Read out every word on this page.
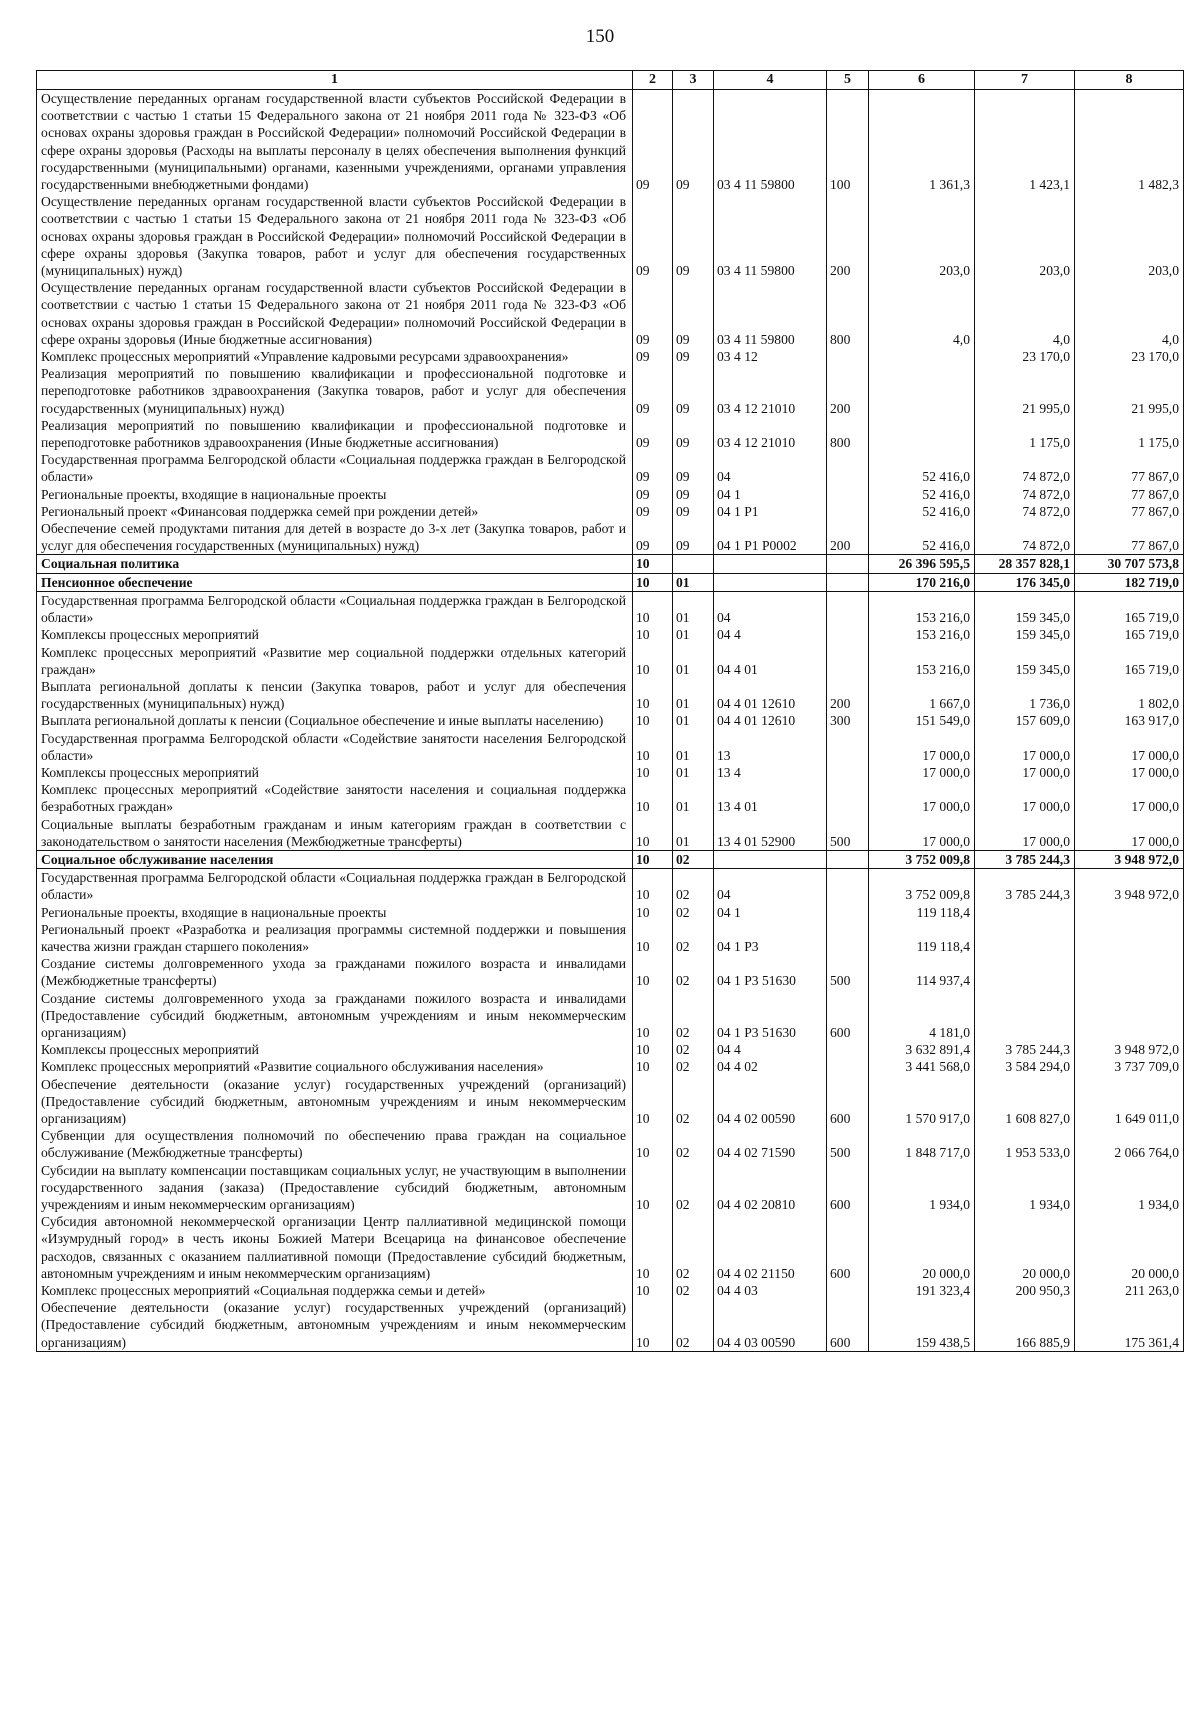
150
1	2	3	4	5	6	7	8
Осуществление переданных органам государственной власти субъектов Российской Федерации в соответствии с частью 1 статьи 15 Федерального закона от 21 ноября 2011 года № 323-ФЗ «Об основах охраны здоровья граждан в Российской Федерации» полномочий Российской Федерации в сфере охраны здоровья (Расходы на выплаты персоналу в целях обеспечения выполнения функций государственными (муниципальными) органами, казенными учреждениями, органами управления государственными внебюджетными фондами)	09	09	03 4 11 59800	100	1 361,3	1 423,1	1 482,3
Осуществление переданных органам государственной власти субъектов Российской Федерации в соответствии с частью 1 статьи 15 Федерального закона от 21 ноября 2011 года № 323-ФЗ «Об основах охраны здоровья граждан в Российской Федерации» полномочий Российской Федерации в сфере охраны здоровья (Закупка товаров, работ и услуг для обеспечения государственных (муниципальных) нужд)	09	09	03 4 11 59800	200	203,0	203,0	203,0
Осуществление переданных органам государственной власти субъектов Российской Федерации в соответствии с частью 1 статьи 15 Федерального закона от 21 ноября 2011 года № 323-ФЗ «Об основах охраны здоровья граждан в Российской Федерации» полномочий Российской Федерации в сфере охраны здоровья (Иные бюджетные ассигнования)	09	09	03 4 11 59800	800	4,0	4,0	4,0
Комплекс процессных мероприятий «Управление кадровыми ресурсами здравоохранения»	09	09	03 4 12			23 170,0	23 170,0
Реализация мероприятий по повышению квалификации и профессиональной подготовке и переподготовке работников здравоохранения (Закупка товаров, работ и услуг для обеспечения государственных (муниципальных) нужд)	09	09	03 4 12 21010	200		21 995,0	21 995,0
Реализация мероприятий по повышению квалификации и профессиональной подготовке и переподготовке работников здравоохранения (Иные бюджетные ассигнования)	09	09	03 4 12 21010	800		1 175,0	1 175,0
Государственная программа Белгородской области «Социальная поддержка граждан в Белгородской области»	09	09	04		52 416,0	74 872,0	77 867,0
Региональные проекты, входящие в национальные проекты	09	09	04 1		52 416,0	74 872,0	77 867,0
Региональный проект «Финансовая поддержка семей при рождении детей»	09	09	04 1 P1		52 416,0	74 872,0	77 867,0
Обеспечение семей продуктами питания для детей в возрасте до 3-х лет (Закупка товаров, работ и услуг для обеспечения государственных (муниципальных) нужд)	09	09	04 1 P1 P0002	200	52 416,0	74 872,0	77 867,0
Социальная политика	10				26 396 595,5	28 357 828,1	30 707 573,8
Пенсионное обеспечение	10	01			170 216,0	176 345,0	182 719,0
Государственная программа Белгородской области «Социальная поддержка граждан в Белгородской области»	10	01	04		153 216,0	159 345,0	165 719,0
Комплексы процессных мероприятий	10	01	04 4		153 216,0	159 345,0	165 719,0
Комплекс процессных мероприятий «Развитие мер социальной поддержки отдельных категорий граждан»	10	01	04 4 01		153 216,0	159 345,0	165 719,0
Выплата региональной доплаты к пенсии (Закупка товаров, работ и услуг для обеспечения государственных (муниципальных) нужд)	10	01	04 4 01 12610	200	1 667,0	1 736,0	1 802,0
Выплата региональной доплаты к пенсии (Социальное обеспечение и иные выплаты населению)	10	01	04 4 01 12610	300	151 549,0	157 609,0	163 917,0
Государственная программа Белгородской области «Содействие занятости населения Белгородской области»	10	01	13		17 000,0	17 000,0	17 000,0
Комплексы процессных мероприятий	10	01	13 4		17 000,0	17 000,0	17 000,0
Комплекс процессных мероприятий «Содействие занятости населения и социальная поддержка безработных граждан»	10	01	13 4 01		17 000,0	17 000,0	17 000,0
Социальные выплаты безработным гражданам и иным категориям граждан в соответствии с законодательством о занятости населения (Межбюджетные трансферты)	10	01	13 4 01 52900	500	17 000,0	17 000,0	17 000,0
Социальное обслуживание населения	10	02			3 752 009,8	3 785 244,3	3 948 972,0
Государственная программа Белгородской области «Социальная поддержка граждан в Белгородской области»	10	02	04		3 752 009,8	3 785 244,3	3 948 972,0
Региональные проекты, входящие в национальные проекты	10	02	04 1		119 118,4		
Региональный проект «Разработка и реализация программы системной поддержки и повышения качества жизни граждан старшего поколения»	10	02	04 1 P3		119 118,4		
Создание системы долговременного ухода за гражданами пожилого возраста и инвалидами (Межбюджетные трансферты)	10	02	04 1 P3 51630	500	114 937,4		
Создание системы долговременного ухода за гражданами пожилого возраста и инвалидами (Предоставление субсидий бюджетным, автономным учреждениям и иным некоммерческим организациям)	10	02	04 1 P3 51630	600	4 181,0		
Комплексы процессных мероприятий	10	02	04 4		3 632 891,4	3 785 244,3	3 948 972,0
Комплекс процессных мероприятий «Развитие социального обслуживания населения»	10	02	04 4 02		3 441 568,0	3 584 294,0	3 737 709,0
Обеспечение деятельности (оказание услуг) государственных учреждений (организаций) (Предоставление субсидий бюджетным, автономным учреждениям и иным некоммерческим организациям)	10	02	04 4 02 00590	600	1 570 917,0	1 608 827,0	1 649 011,0
Субвенции для осуществления полномочий по обеспечению права граждан на социальное обслуживание (Межбюджетные трансферты)	10	02	04 4 02 71590	500	1 848 717,0	1 953 533,0	2 066 764,0
Субсидии на выплату компенсации поставщикам социальных услуг, не участвующим в выполнении государственного задания (заказа) (Предоставление субсидий бюджетным, автономным учреждениям и иным некоммерческим организациям)	10	02	04 4 02 20810	600	1 934,0	1 934,0	1 934,0
Субсидия автономной некоммерческой организации Центр паллиативной медицинской помощи «Изумрудный город» в честь иконы Божией Матери Всецарица на финансовое обеспечение расходов, связанных с оказанием паллиативной помощи (Предоставление субсидий бюджетным, автономным учреждениям и иным некоммерческим организациям)	10	02	04 4 02 21150	600	20 000,0	20 000,0	20 000,0
Комплекс процессных мероприятий «Социальная поддержка семьи и детей»	10	02	04 4 03		191 323,4	200 950,3	211 263,0
Обеспечение деятельности (оказание услуг) государственных учреждений (организаций) (Предоставление субсидий бюджетным, автономным учреждениям и иным некоммерческим организациям)	10	02	04 4 03 00590	600	159 438,5	166 885,9	175 361,4
